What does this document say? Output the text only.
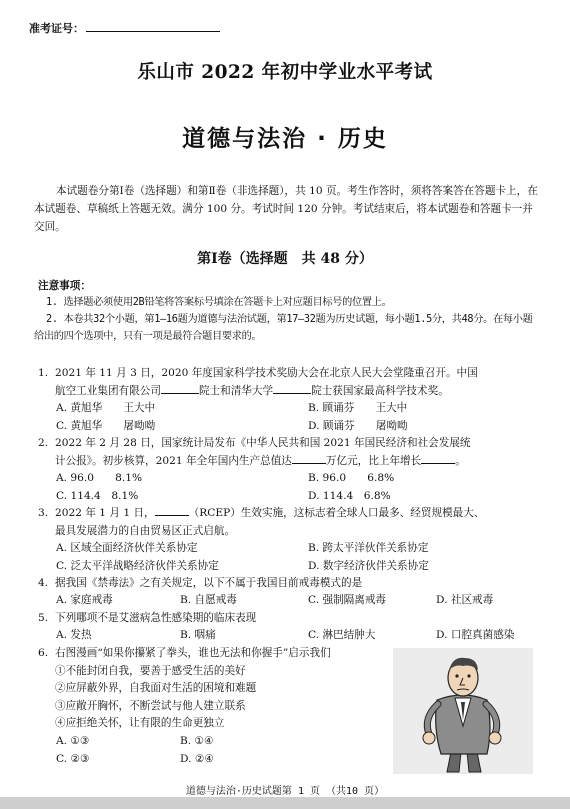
准考证号：
乐山市 2022 年初中学业水平考试
道德与法治 · 历史
本试题卷分第Ⅰ卷（选择题）和第Ⅱ卷（非选择题），共 10 页。考生作答时，须将答案答在答题卡上，在本试题卷、草稿纸上答题无效。满分 100 分。考试时间 120 分钟。考试结束后，将本试题卷和答题卡一并交回。
第Ⅰ卷（选择题　共 48 分）
注意事项：
1. 选择题必须使用2B铅笔将答案标号填涂在答题卡上对应题目标号的位置上。
2. 本卷共32个小题，第1—16题为道德与法治试题，第17—32题为历史试题，每小题1.5分，共48分。在每小题给出的四个选项中，只有一项是最符合题目要求的。
1. 2021 年 11 月 3 日，2020 年度国家科学技术奖励大会在北京人民大会堂隆重召开。中国
航空工业集团有限公司	院士和清华大学	院士获国家最高科学技术奖。
A. 黄旭华　　王大中	B. 顾诵芬　　王大中
C. 黄旭华　　屠呦呦	D. 顾诵芬　　屠呦呦
2. 2022 年 2 月 28 日，国家统计局发布《中华人民共和国 2021 年国民经济和社会发展统
计公报》。初步核算，2021 年全年国内生产总值达	万亿元，比上年增长	。
A. 96.0　　8.1%	B. 96.0　　6.8%
C. 114.4　8.1%	D. 114.4　6.8%
3. 2022 年 1 月 1 日，	（RCEP）生效实施，这标志着全球人口最多、经贸规模最大、
最具发展潜力的自由贸易区正式启航。
A. 区域全面经济伙伴关系协定	B. 跨太平洋伙伴关系协定
C. 泛太平洋战略经济伙伴关系协定	D. 数字经济伙伴关系协定
4. 据我国《禁毒法》之有关规定，以下不属于我国目前戒毒模式的是
A. 家庭戒毒	B. 自愿戒毒	C. 强制隔离戒毒	D. 社区戒毒
5. 下列哪项不是艾滋病急性感染期的临床表现
A. 发热	B. 咽痛	C. 淋巴结肿大	D. 口腔真菌感染
6. 右图漫画“如果你攥紧了拳头，谁也无法和你握手”启示我们
①不能封闭自我，要善于感受生活的美好
②应屏蔽外界，自我面对生活的困境和难题
③应敞开胸怀，不断尝试与他人建立联系
④应拒绝关怀，让有限的生命更独立
A. ①③	B. ①④
C. ②③	D. ②④
道德与法治·历史试题第 1 页 （共10 页）
